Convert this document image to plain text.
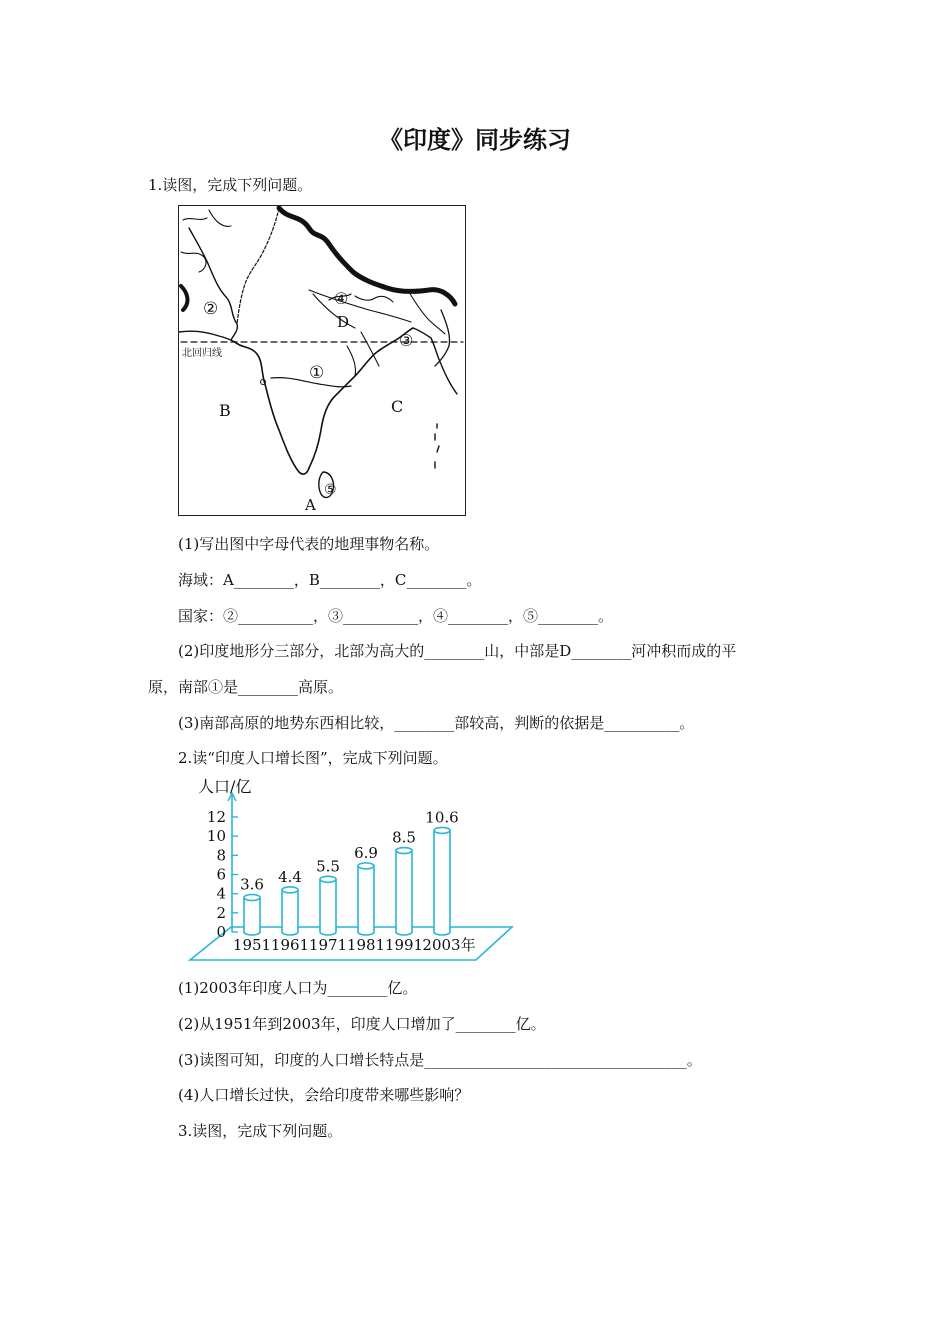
《印度》同步练习
1.读图，完成下列问题。
②
④
D
③
北回归线
①
B	C
⑤
A
(1)写出图中字母代表的地理事物名称。
海域：A________，B________，C________。
国家：②__________，③__________，④________，⑤________。
(2)印度地形分三部分，北部为高大的________山，中部是D________河冲积而成的平
原，南部①是________高原。
(3)南部高原的地势东西相比较，________部较高，判断的依据是__________。
2.读“印度人口增长图”，完成下列问题。
人口/亿
0
2
4
6
8
10
12
3.6
1951
4.4
1961
5.5
1971
6.9
1981
8.5
1991
10.6
2003年
(1)2003年印度人口为________亿。
(2)从1951年到2003年，印度人口增加了________亿。
(3)读图可知，印度的人口增长特点是___________________________________。
(4)人口增长过快，会给印度带来哪些影响？
3.读图，完成下列问题。
